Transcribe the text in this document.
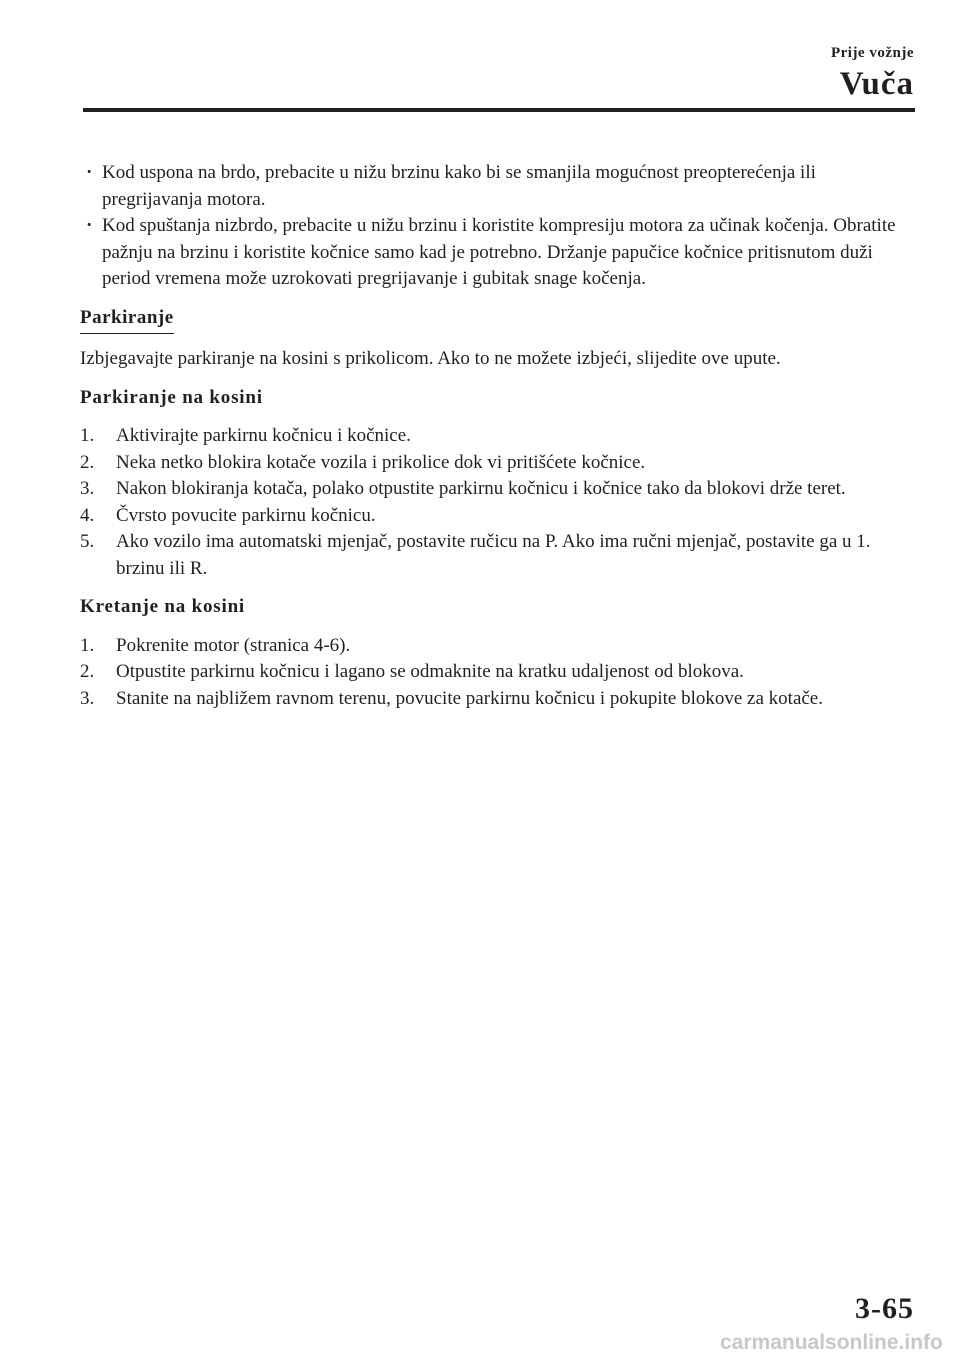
Prije vožnje
Vuča
· Kod uspona na brdo, prebacite u nižu brzinu kako bi se smanjila mogućnost preopterećenja ili pregrijavanja motora.
· Kod spuštanja nizbrdo, prebacite u nižu brzinu i koristite kompresiju motora za učinak kočenja. Obratite pažnju na brzinu i koristite kočnice samo kad je potrebno. Držanje papučice kočnice pritisnutom duži period vremena može uzrokovati pregrijavanje i gubitak snage kočenja.
Parkiranje

Izbjegavajte parkiranje na kosini s prikolicom. Ako to ne možete izbjeći, slijedite ove upute.

Parkiranje na kosini

1. Aktivirajte parkirnu kočnicu i kočnice.
2. Neka netko blokira kotače vozila i prikolice dok vi pritišćete kočnice.
3. Nakon blokiranja kotača, polako otpustite parkirnu kočnicu i kočnice tako da blokovi drže teret.
4. Čvrsto povucite parkirnu kočnicu.
5. Ako vozilo ima automatski mjenjač, postavite ručicu na P. Ako ima ručni mjenjač, postavite ga u 1. brzinu ili R.

Kretanje na kosini

1. Pokrenite motor (stranica 4-6).
2. Otpustite parkirnu kočnicu i lagano se odmaknite na kratku udaljenost od blokova.
3. Stanite na najbližem ravnom terenu, povucite parkirnu kočnicu i pokupite blokove za kotače.
3-65
carmanualsonline.info
